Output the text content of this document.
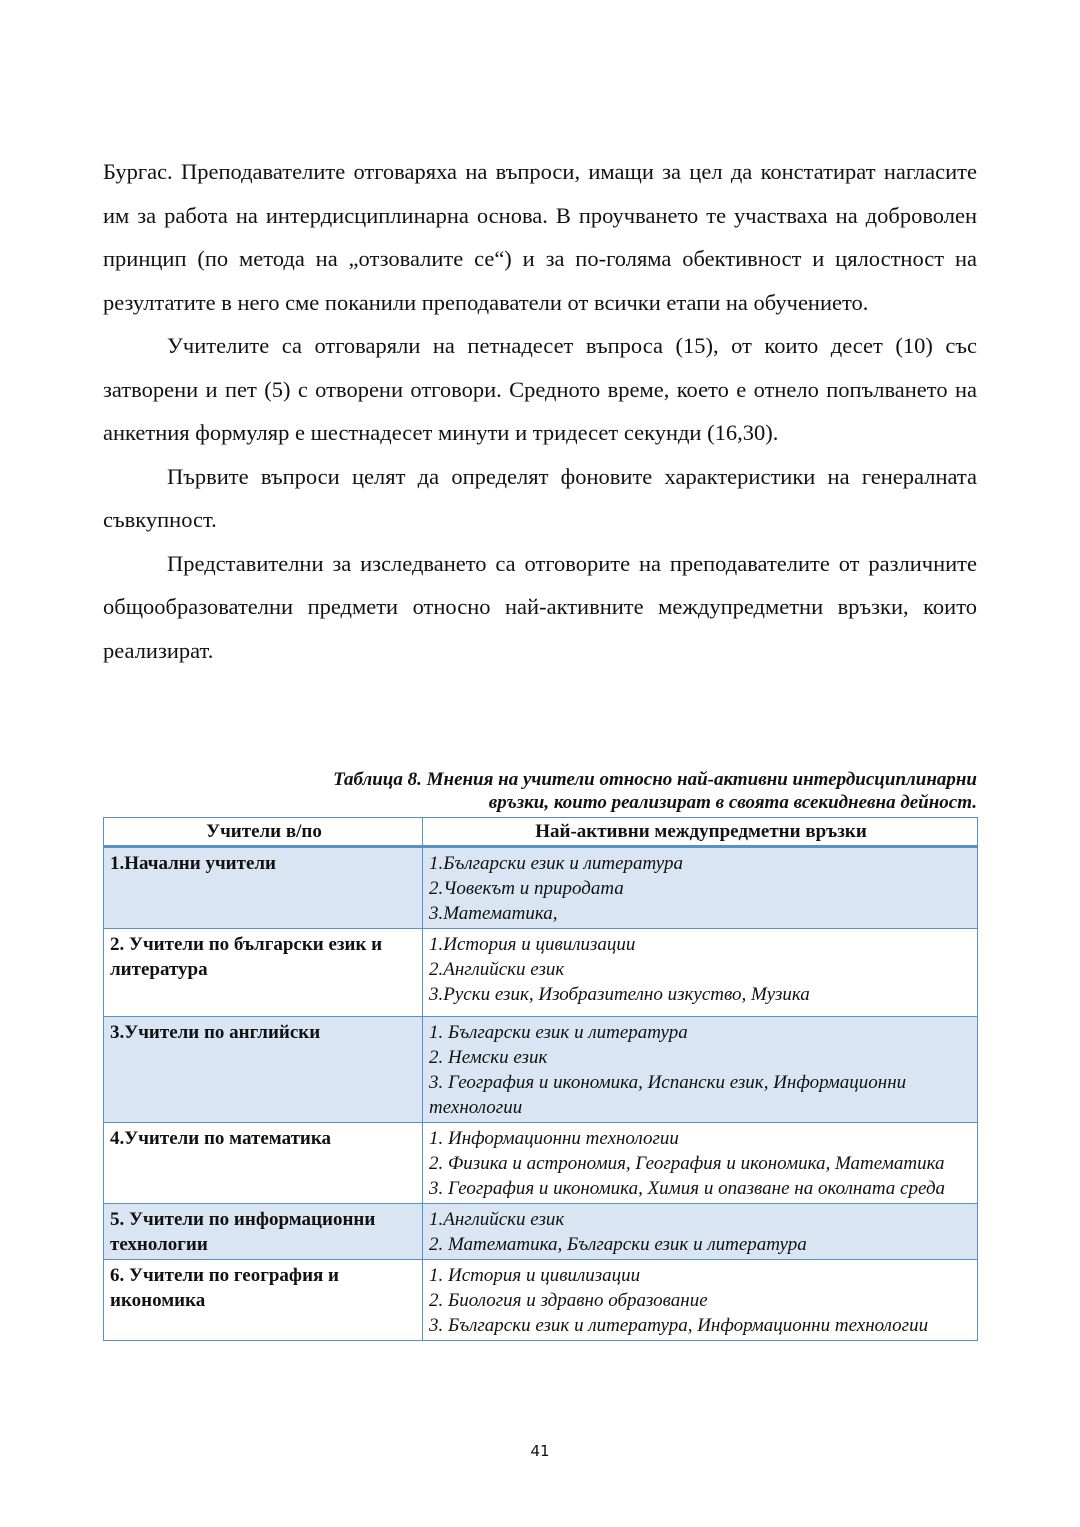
Бургас. Преподавателите отговаряха на въпроси, имащи за цел да констатират нагласите им за работа на интердисциплинарна основа. В проучването те участваха на доброволен принцип (по метода на „отзовалите се“) и за по-голяма обективност и цялостност на резултатите в него сме поканили преподаватели от всички етапи на обучението.

Учителите са отговаряли на петнадесет въпроса (15), от които десет (10) със затворени и пет (5) с отворени отговори. Средното време, което е отнело попълването на анкетния формуляр е шестнадесет минути и тридесет секунди (16,30).

Първите въпроси целят да определят фоновите характеристики на генералната съвкупност.

Представителни за изследването са отговорите на преподавателите от различните общообразователни предмети относно най-активните междупредметни връзки, които реализират.

Таблица 8. Мнения на учители относно най-активни интердисциплинарни
връзки, които реализират в своята всекидневна дейност.
Учители в/по	Най-активни междупредметни връзки
1.Начални учители	1.Български език и литература
2.Човекът и природата
3.Математика,

2. Учители по български език и литература	1.История и цивилизации
2.Английски език
3.Руски език, Изобразително изкуство, Музика

3.Учители по английски	1. Български език и литература
2. Немски език
3. География и икономика, Испански език, Информационни технологии

4.Учители по математика	1. Информационни технологии
2. Физика и астрономия, География и икономика, Математика
3. География и икономика, Химия и опазване на околната среда

5. Учители по информационни технологии	1.Английски език
2. Математика, Български език и литература

6. Учители по география и икономика	1. История и цивилизации
2. Биология и здравно образование
3. Български език и литература, Информационни технологии
41
